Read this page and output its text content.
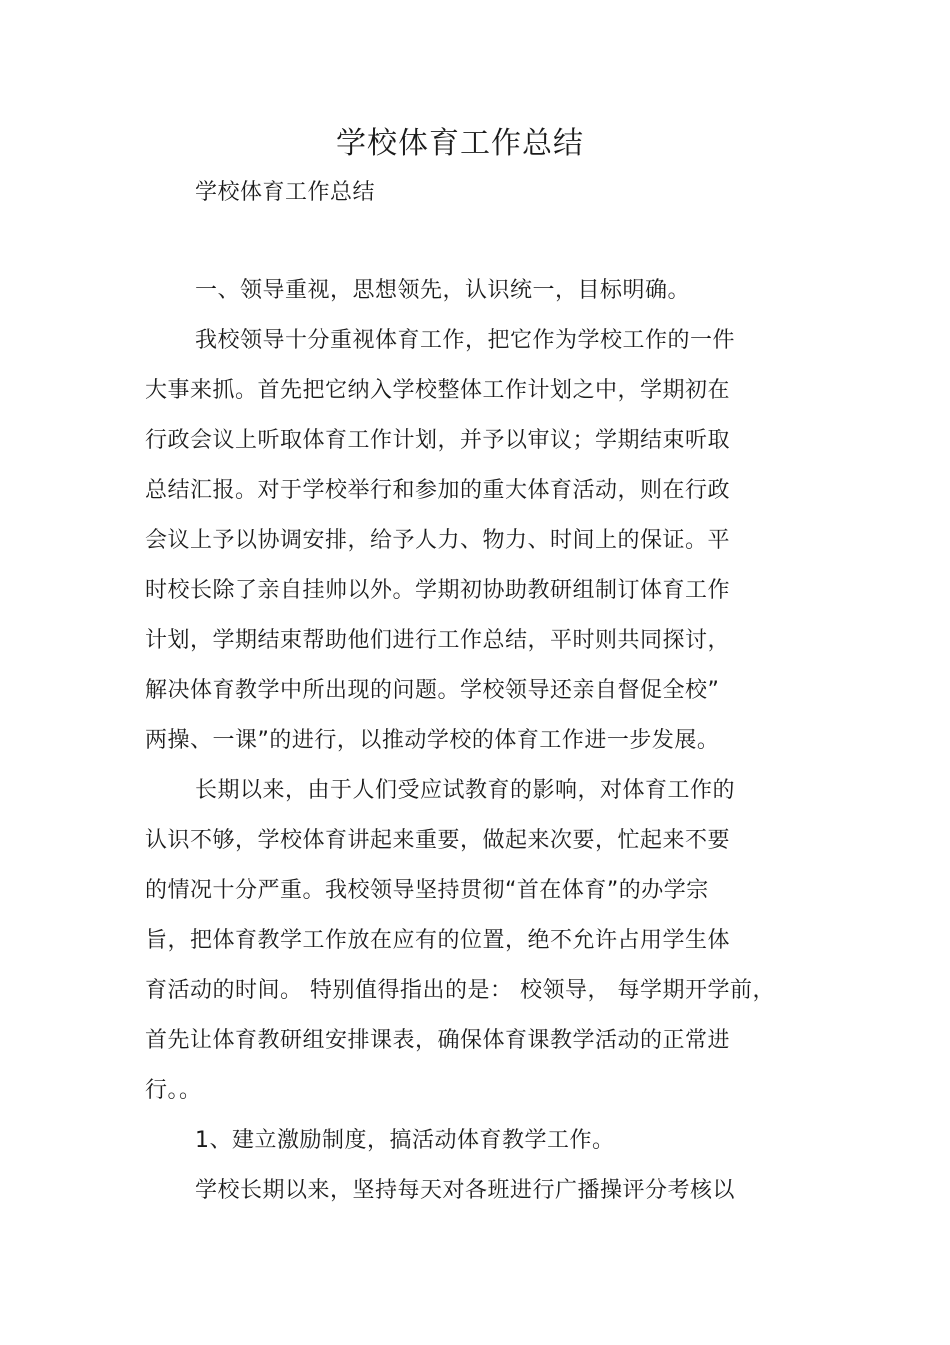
学校体育工作总结
学校体育工作总结
一、领导重视，思想领先，认识统一，目标明确。
我校领导十分重视体育工作，把它作为学校工作的一件
大事来抓。首先把它纳入学校整体工作计划之中，学期初在
行政会议上听取体育工作计划，并予以审议；学期结束听取
总结汇报。对于学校举行和参加的重大体育活动，则在行政
会议上予以协调安排，给予人力、物力、时间上的保证。平
时校长除了亲自挂帅以外。学期初协助教研组制订体育工作
计划，学期结束帮助他们进行工作总结，平时则共同探讨，
解决体育教学中所出现的问题。学校领导还亲自督促全校”
两操、一课”的进行，以推动学校的体育工作进一步发展。
长期以来，由于人们受应试教育的影响，对体育工作的
认识不够，学校体育讲起来重要，做起来次要，忙起来不要
的情况十分严重。我校领导坚持贯彻“首在体育”的办学宗
旨，把体育教学工作放在应有的位置，绝不允许占用学生体
育活动的时间。 特别值得指出的是： 校领导， 每学期开学前，
首先让体育教研组安排课表，确保体育课教学活动的正常进
行。。
1、建立激励制度，搞活动体育教学工作。
学校长期以来，坚持每天对各班进行广播操评分考核以
